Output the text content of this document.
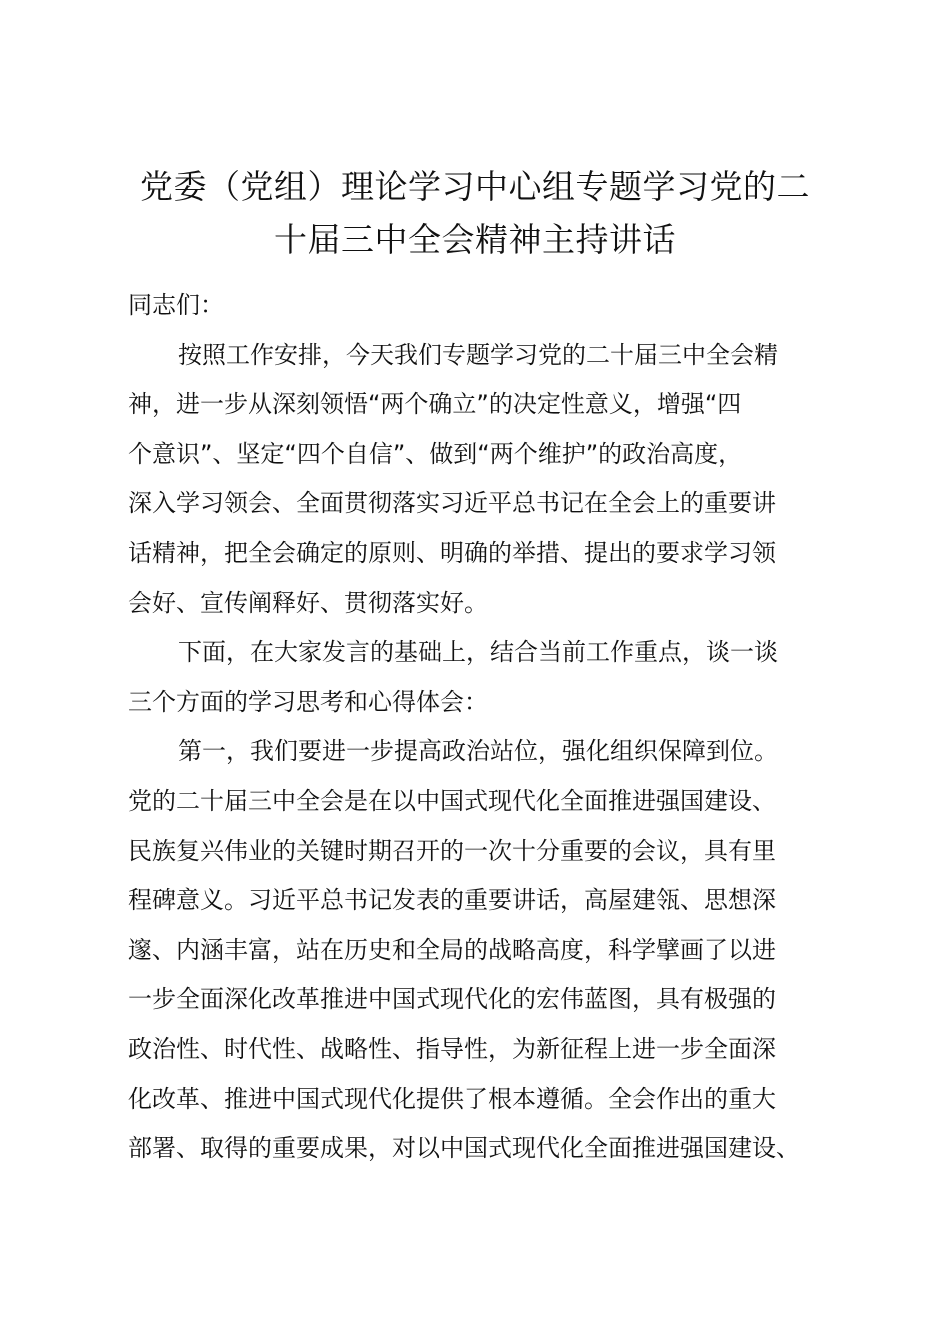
党委（党组）理论学习中心组专题学习党的二
十届三中全会精神主持讲话

同志们：

按照工作安排，今天我们专题学习党的二十届三中全会精
神，进一步从深刻领悟“两个确立”的决定性意义，增强“四
个意识”、坚定“四个自信”、做到“两个维护”的政治高度，
深入学习领会、全面贯彻落实习近平总书记在全会上的重要讲
话精神，把全会确定的原则、明确的举措、提出的要求学习领
会好、宣传阐释好、贯彻落实好。

下面，在大家发言的基础上，结合当前工作重点，谈一谈
三个方面的学习思考和心得体会：

第一，我们要进一步提高政治站位，强化组织保障到位。
党的二十届三中全会是在以中国式现代化全面推进强国建设、
民族复兴伟业的关键时期召开的一次十分重要的会议，具有里
程碑意义。习近平总书记发表的重要讲话，高屋建瓴、思想深
邃、内涵丰富，站在历史和全局的战略高度，科学擘画了以进
一步全面深化改革推进中国式现代化的宏伟蓝图，具有极强的
政治性、时代性、战略性、指导性，为新征程上进一步全面深
化改革、推进中国式现代化提供了根本遵循。全会作出的重大
部署、取得的重要成果，对以中国式现代化全面推进强国建设、
